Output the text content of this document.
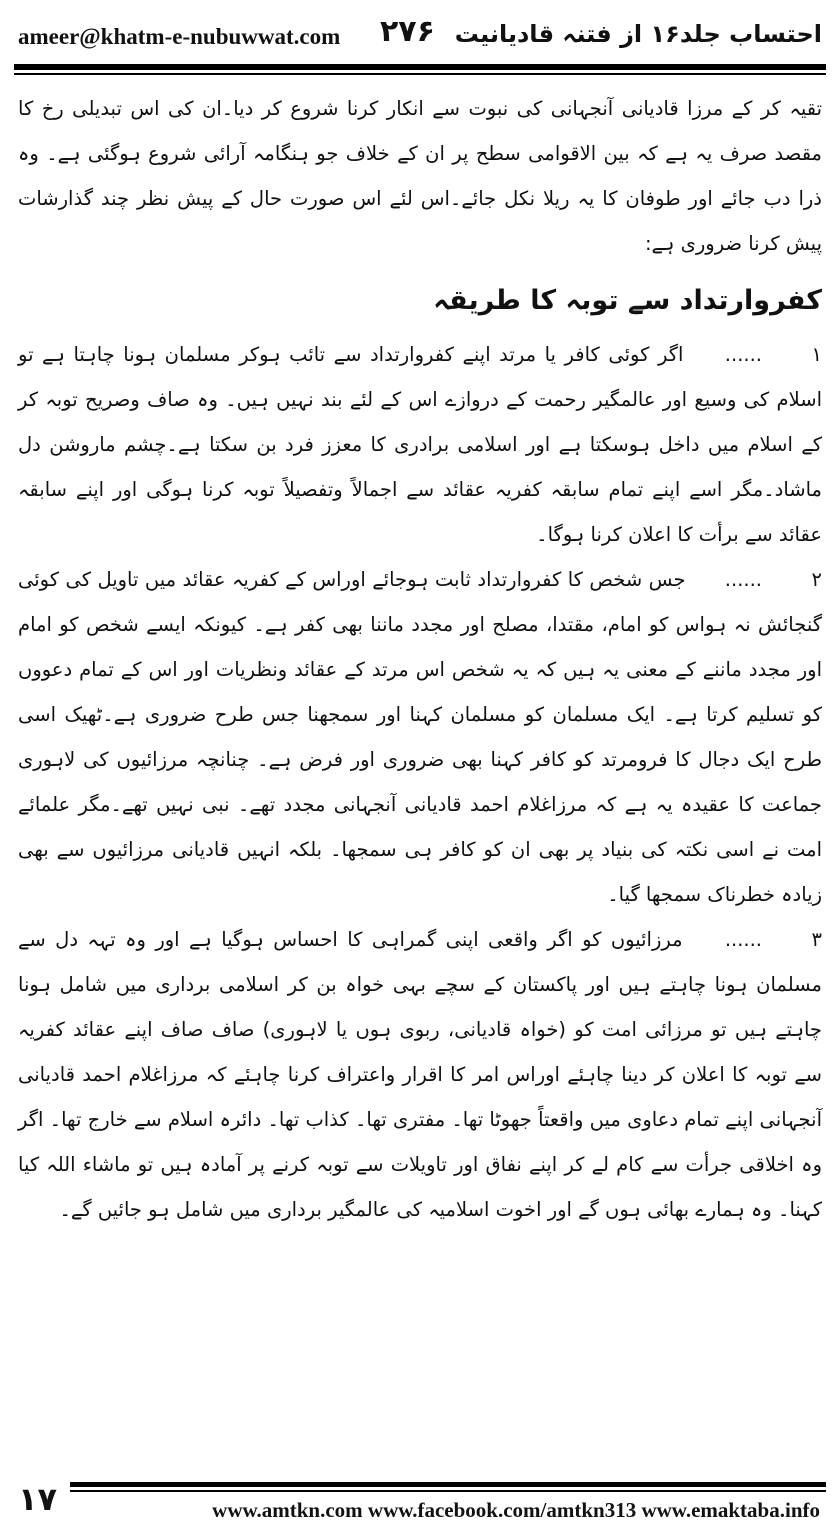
ameer@khatm-e-nubuwwat.com ۲۷۶ احتساب جلد۱۶ از فتنہ قادیانیت

تقیہ کر کے مرزا قادیانی آنجہانی کی نبوت سے انکار کرنا شروع کر دیا۔ان کی اس تبدیلی رخ کا مقصد صرف یہ ہے کہ بین الاقوامی سطح پر ان کے خلاف جو ہنگامہ آرائی شروع ہوگئی ہے۔ وہ ذرا دب جائے اور طوفان کا یہ ریلا نکل جائے۔اس لئے اس صورت حال کے پیش نظر چند گذارشات پیش کرنا ضروری ہے:

کفروارتداد سے توبہ کا طریقہ

۱...... اگر کوئی کافر یا مرتد اپنے کفروارتداد سے تائب ہوکر مسلمان ہونا چاہتا ہے تو اسلام کی وسیع اور عالمگیر رحمت کے دروازے اس کے لئے بند نہیں ہیں۔ وہ صاف وصریح توبہ کر کے اسلام میں داخل ہوسکتا ہے اور اسلامی برادری کا معزز فرد بن سکتا ہے۔چشم ماروشن دل ماشاد۔مگر اسے اپنے تمام سابقہ کفریہ عقائد سے اجمالاً وتفصیلاً توبہ کرنا ہوگی اور اپنے سابقہ عقائد سے برأت کا اعلان کرنا ہوگا۔

۲...... جس شخص کا کفروارتداد ثابت ہوجائے اوراس کے کفریہ عقائد میں تاویل کی کوئی گنجائش نہ ہواس کو امام، مقتدا، مصلح اور مجدد ماننا بھی کفر ہے۔ کیونکہ ایسے شخص کو امام اور مجدد ماننے کے معنی یہ ہیں کہ یہ شخص اس مرتد کے عقائد ونظریات اور اس کے تمام دعووں کو تسلیم کرتا ہے۔ ایک مسلمان کو مسلمان کہنا اور سمجھنا جس طرح ضروری ہے۔ٹھیک اسی طرح ایک دجال کا فرومرتد کو کافر کہنا بھی ضروری اور فرض ہے۔ چنانچہ مرزائیوں کی لاہوری جماعت کا عقیدہ یہ ہے کہ مرزاغلام احمد قادیانی آنجہانی مجدد تھے۔ نبی نہیں تھے۔مگر علمائے امت نے اسی نکتہ کی بنیاد پر بھی ان کو کافر ہی سمجھا۔ بلکہ انہیں قادیانی مرزائیوں سے بھی زیادہ خطرناک سمجھا گیا۔

۳...... مرزائیوں کو اگر واقعی اپنی گمراہی کا احساس ہوگیا ہے اور وہ تہہ دل سے مسلمان ہونا چاہتے ہیں اور پاکستان کے سچے بہی خواہ بن کر اسلامی برداری میں شامل ہونا چاہتے ہیں تو مرزائی امت کو (خواہ قادیانی، ربوی ہوں یا لاہوری) صاف صاف اپنے عقائد کفریہ سے توبہ کا اعلان کر دینا چاہئے اوراس امر کا اقرار واعتراف کرنا چاہئے کہ مرزاغلام احمد قادیانی آنجہانی اپنے تمام دعاوی میں واقعتاً جھوٹا تھا۔ مفتری تھا۔ کذاب تھا۔ دائرہ اسلام سے خارج تھا۔ اگر وہ اخلاقی جرأت سے کام لے کر اپنے نفاق اور تاویلات سے توبہ کرنے پر آمادہ ہیں تو ماشاء اللہ کیا کہنا۔ وہ ہمارے بھائی ہوں گے اور اخوت اسلامیہ کی عالمگیر برداری میں شامل ہو جائیں گے۔

۱۷	www.amtkn.com www.facebook.com/amtkn313 www.emaktaba.info
